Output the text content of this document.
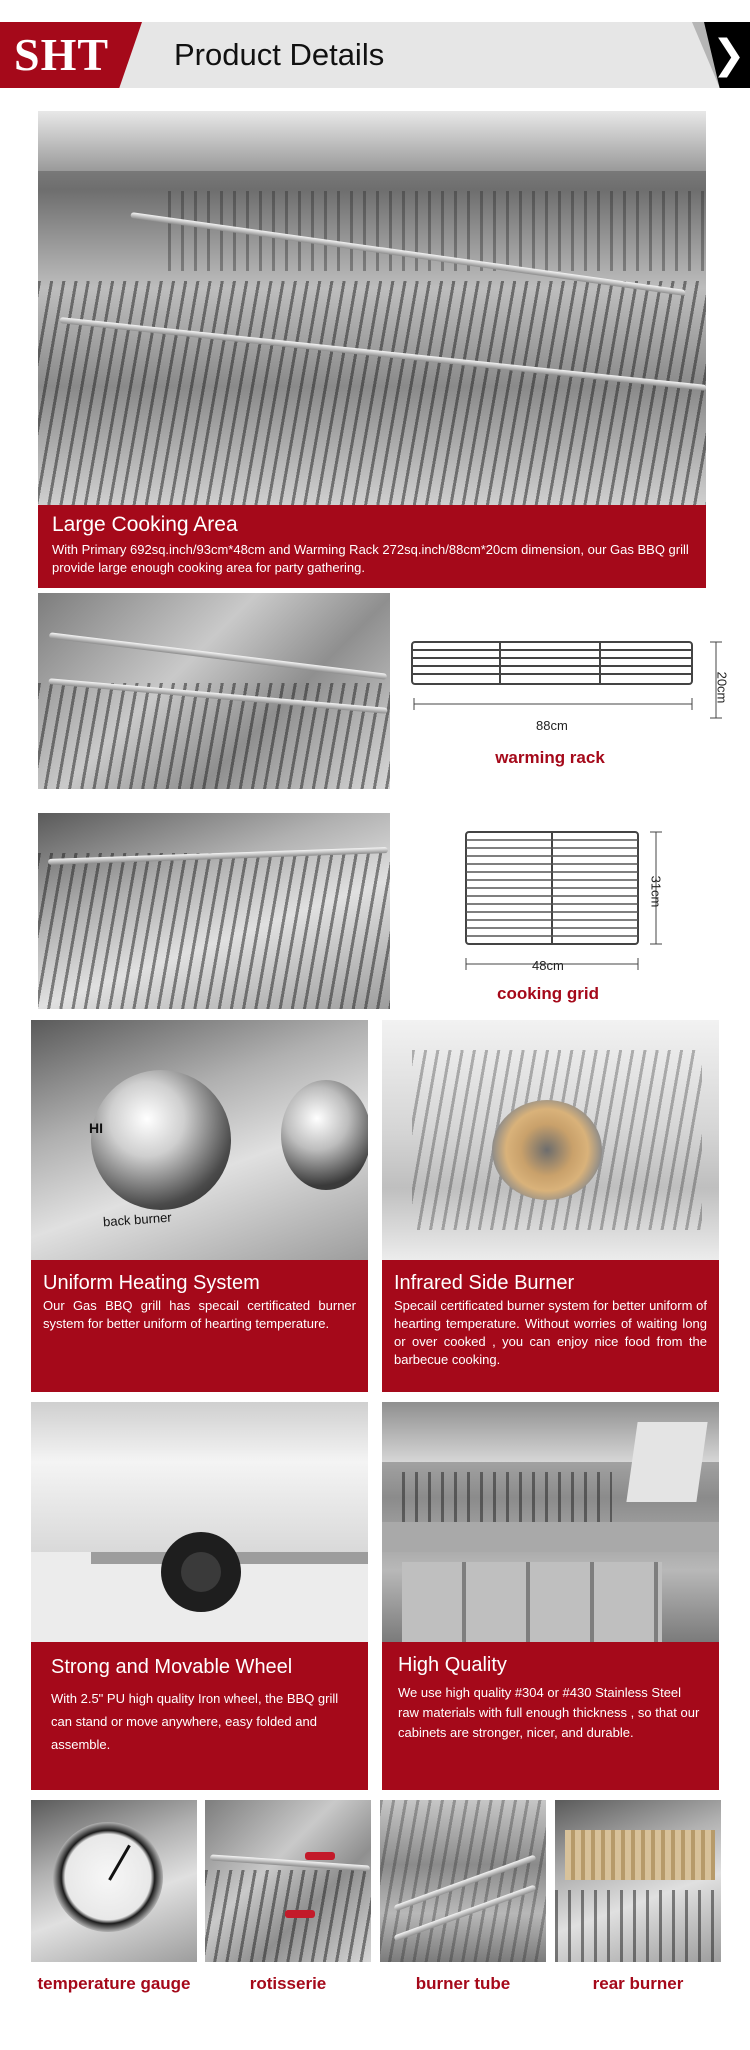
SHT Product Details	❯
Large Cooking Area
With Primary 692sq.inch/93cm*48cm and Warming Rack 272sq.inch/88cm*20cm dimension, our Gas BBQ grill provide large enough cooking area for party gathering.
88cm
20cm
warming rack
48cm
31cm
cooking grid
HI
back burner
Uniform Heating System
Our Gas BBQ grill has specail certificated burner system for better uniform of hearting temperature.
Infrared Side Burner
Specail certificated burner system for better uniform of hearting temperature. Without worries of waiting long or over cooked , you can enjoy nice food from the barbecue cooking.
Strong and Movable Wheel
With 2.5" PU high quality Iron wheel, the BBQ grill can stand or move anywhere, easy folded and assemble.
High Quality
We use high quality #304 or #430 Stainless Steel raw materials with full enough thickness , so that our cabinets are stronger, nicer, and durable.
temperature gauge	rotisserie	burner tube	rear burner
